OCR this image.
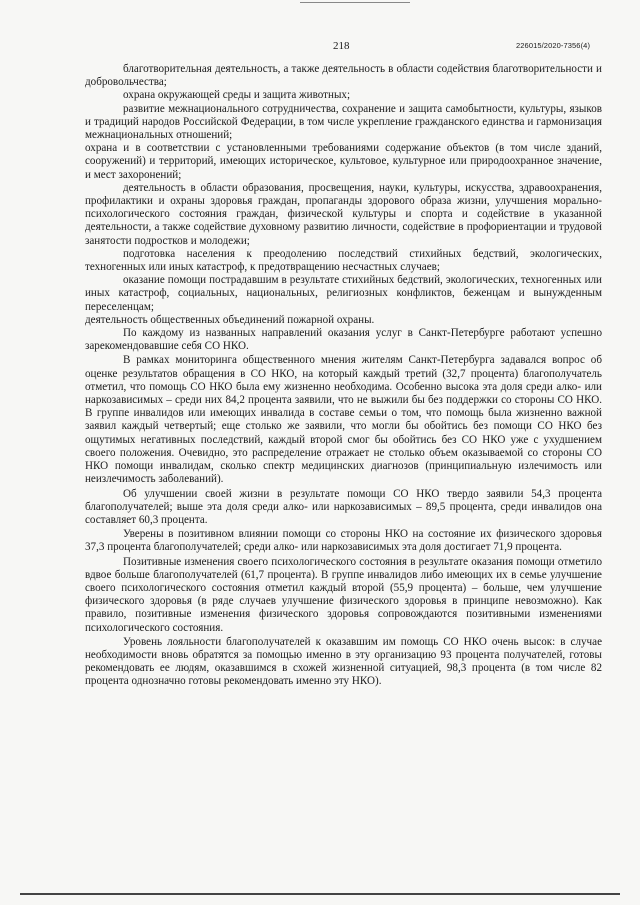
218	226015/2020-7356(4)

благотворительная деятельность, а также деятельность в области содействия благотворительности и добровольчества;

охрана окружающей среды и защита животных;

развитие межнационального сотрудничества, сохранение и защита самобытности, культуры, языков и традиций народов Российской Федерации, в том числе укрепление гражданского единства и гармонизация межнациональных отношений;

охрана и в соответствии с установленными требованиями содержание объектов (в том числе зданий, сооружений) и территорий, имеющих историческое, культовое, культурное или природоохранное значение, и мест захоронений;

деятельность в области образования, просвещения, науки, культуры, искусства, здравоохранения, профилактики и охраны здоровья граждан, пропаганды здорового образа жизни, улучшения морально-психологического состояния граждан, физической культуры и спорта и содействие в указанной деятельности, а также содействие духовному развитию личности, содействие в профориентации и трудовой занятости подростков и молодежи;

подготовка населения к преодолению последствий стихийных бедствий, экологических, техногенных или иных катастроф, к предотвращению несчастных случаев;

оказание помощи пострадавшим в результате стихийных бедствий, экологических, техногенных или иных катастроф, социальных, национальных, религиозных конфликтов, беженцам и вынужденным переселенцам;

деятельность общественных объединений пожарной охраны.

По каждому из названных направлений оказания услуг в Санкт-Петербурге работают успешно зарекомендовавшие себя СО НКО.

В рамках мониторинга общественного мнения жителям Санкт-Петербурга задавался вопрос об оценке результатов обращения в СО НКО, на который каждый третий (32,7 процента) благополучатель отметил, что помощь СО НКО была ему жизненно необходима. Особенно высока эта доля среди алко- или наркозависимых – среди них 84,2 процента заявили, что не выжили бы без поддержки со стороны СО НКО. В группе инвалидов или имеющих инвалида в составе семьи о том, что помощь была жизненно важной заявил каждый четвертый; еще столько же заявили, что могли бы обойтись без помощи СО НКО без ощутимых негативных последствий, каждый второй смог бы обойтись без СО НКО уже с ухудшением своего положения. Очевидно, это распределение отражает не столько объем оказываемой со стороны СО НКО помощи инвалидам, сколько спектр медицинских диагнозов (принципиальную излечимость или неизлечимость заболеваний).

Об улучшении своей жизни в результате помощи СО НКО твердо заявили 54,3 процента благополучателей; выше эта доля среди алко- или наркозависимых – 89,5 процента, среди инвалидов она составляет 60,3 процента.

Уверены в позитивном влиянии помощи со стороны НКО на состояние их физического здоровья 37,3 процента благополучателей; среди алко- или наркозависимых эта доля достигает 71,9 процента.

Позитивные изменения своего психологического состояния в результате оказания помощи отметило вдвое больше благополучателей (61,7 процента). В группе инвалидов либо имеющих их в семье улучшение своего психологического состояния отметил каждый второй (55,9 процента) – больше, чем улучшение физического здоровья (в ряде случаев улучшение физического здоровья в принципе невозможно). Как правило, позитивные изменения физического здоровья сопровождаются позитивными изменениями психологического состояния.

Уровень лояльности благополучателей к оказавшим им помощь СО НКО очень высок: в случае необходимости вновь обратятся за помощью именно в эту организацию 93 процента получателей, готовы рекомендовать ее людям, оказавшимся в схожей жизненной ситуацией, 98,3 процента (в том числе 82 процента однозначно готовы рекомендовать именно эту НКО).
